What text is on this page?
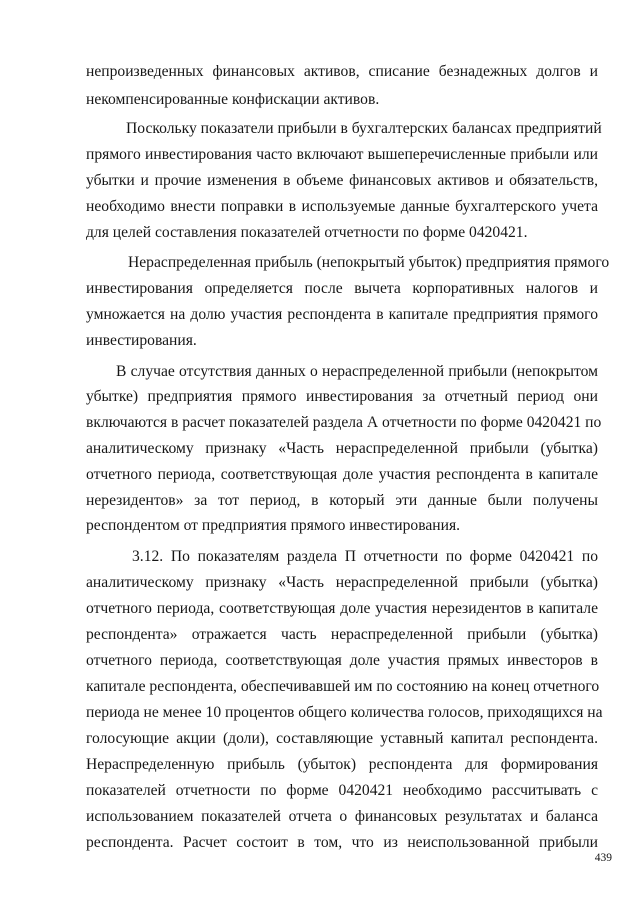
непроизведенных финансовых активов, списание безнадежных долгов и
некомпенсированные конфискации активов.
Поскольку показатели прибыли в бухгалтерских балансах предприятий
прямого инвестирования часто включают вышеперечисленные прибыли или
убытки и прочие изменения в объеме финансовых активов и обязательств,
необходимо внести поправки в используемые данные бухгалтерского учета
для целей составления показателей отчетности по форме 0420421.
Нераспределенная прибыль (непокрытый убыток) предприятия прямого
инвестирования определяется после вычета корпоративных налогов и
умножается на долю участия респондента в капитале предприятия прямого
инвестирования.
В случае отсутствия данных о нераспределенной прибыли (непокрытом
убытке) предприятия прямого инвестирования за отчетный период они
включаются в расчет показателей раздела А отчетности по форме 0420421 по
аналитическому признаку «Часть нераспределенной прибыли (убытка)
отчетного периода, соответствующая доле участия респондента в капитале
нерезидентов» за тот период, в который эти данные были получены
респондентом от предприятия прямого инвестирования.
3.12. По показателям раздела П отчетности по форме 0420421 по
аналитическому признаку «Часть нераспределенной прибыли (убытка)
отчетного периода, соответствующая доле участия нерезидентов в капитале
респондента» отражается часть нераспределенной прибыли (убытка)
отчетного периода, соответствующая доле участия прямых инвесторов в
капитале респондента, обеспечивавшей им по состоянию на конец отчетного
периода не менее 10 процентов общего количества голосов, приходящихся на
голосующие акции (доли), составляющие уставный капитал респондента.
Нераспределенную прибыль (убыток) респондента для формирования
показателей отчетности по форме 0420421 необходимо рассчитывать с
использованием показателей отчета о финансовых результатах и баланса
респондента. Расчет состоит в том, что из неиспользованной прибыли
439
